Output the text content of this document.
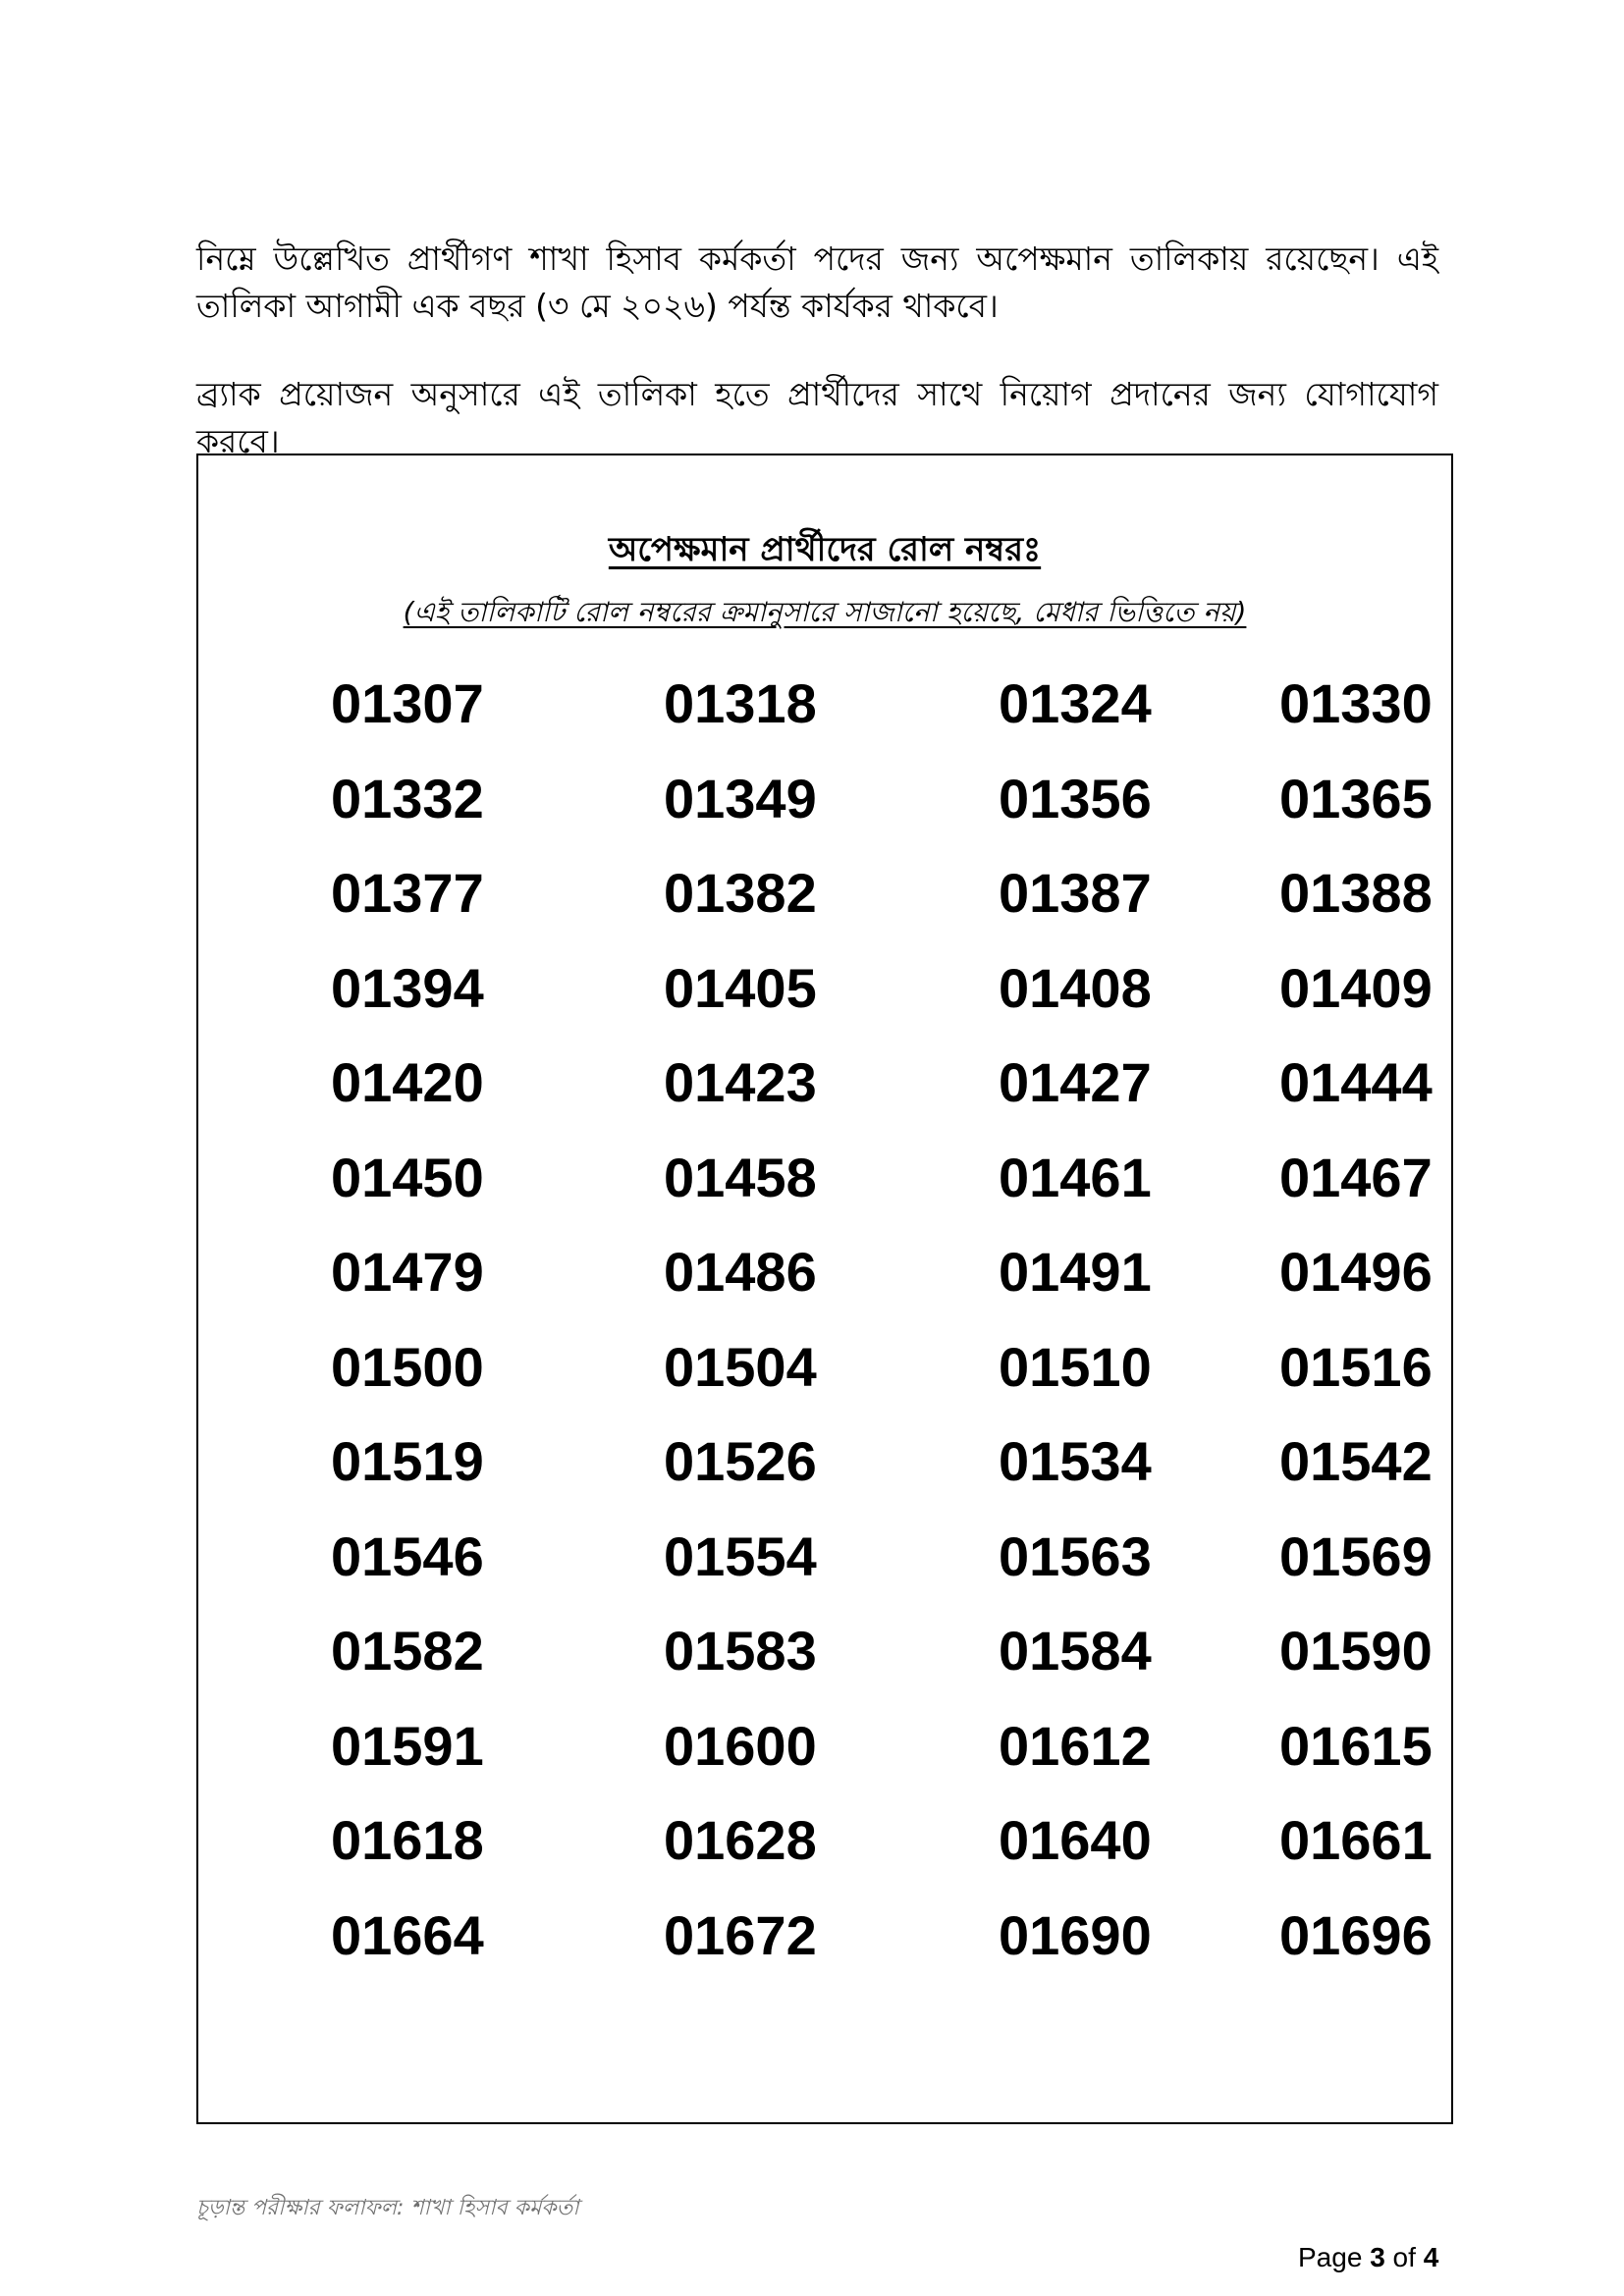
নিম্নে উল্লেখিত প্রার্থীগণ শাখা হিসাব কর্মকর্তা পদের জন্য অপেক্ষমান তালিকায় রয়েছেন। এই তালিকা আগামী এক বছর (৩ মে ২০২৬) পর্যন্ত কার্যকর থাকবে।

ব্র্যাক প্রয়োজন অনুসারে এই তালিকা হতে প্রার্থীদের সাথে নিয়োগ প্রদানের জন্য যোগাযোগ করবে।

অপেক্ষমান প্রার্থীদের রোল নম্বরঃ
(এই তালিকাটি রোল নম্বরের ক্রমানুসারে সাজানো হয়েছে, মেধার ভিত্তিতে নয়)
01307	01318	01324 01330
01332	01349	01356 01365
01377	01382	01387 01388
01394	01405	01408 01409
01420	01423	01427 01444
01450	01458	01461 01467
01479	01486	01491 01496
01500	01504	01510 01516
01519	01526	01534 01542
01546	01554	01563 01569
01582	01583	01584 01590
01591	01600	01612 01615
01618	01628	01640 01661
01664	01672	01690 01696
চূড়ান্ত পরীক্ষার ফলাফল: শাখা হিসাব কর্মকর্তা
Page 3 of 4
